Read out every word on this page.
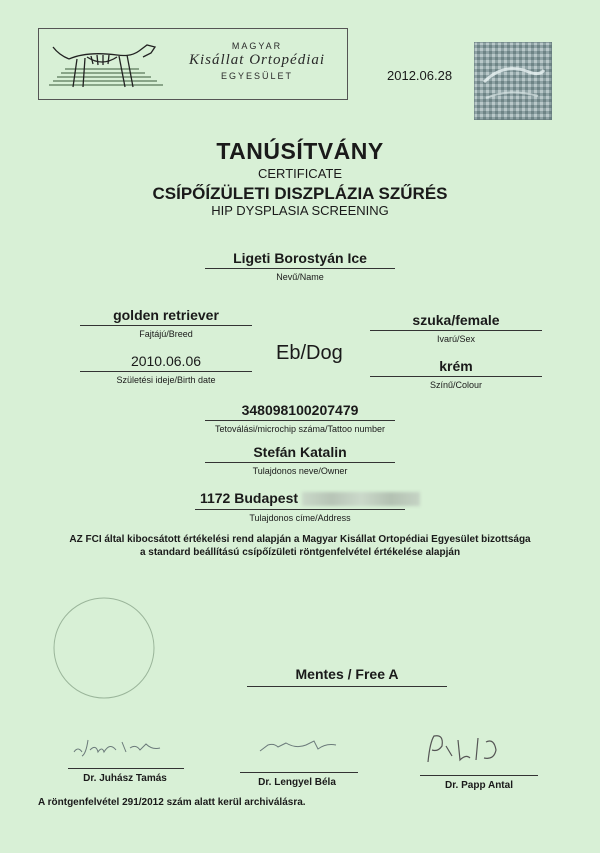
MAGYAR
Kisállat Ortopédiai
EGYESÜLET	2012.06.28
TANÚSÍTVÁNY
CERTIFICATE
CSÍPŐÍZÜLETI DISZPLÁZIA SZŰRÉS
HIP DYSPLASIA SCREENING
Ligeti Borostyán Ice
Nevű/Name
golden retriever
Fajtájú/Breed
szuka/female
Ivarú/Sex
Eb/Dog
2010.06.06
Születési ideje/Birth date
krém
Színű/Colour
348098100207479
Tetoválási/microchip száma/Tattoo number
Stefán Katalin
Tulajdonos neve/Owner
1172 Budapest
Tulajdonos címe/Address
AZ FCI által kibocsátott értékelési rend alapján a Magyar Kisállat Ortopédiai Egyesület bizottsága
a standard beállítású csípőízületi röntgenfelvétel értékelése alapján
Mentes / Free A
Dr. Juhász Tamás	Dr. Lengyel Béla	Dr. Papp Antal
A röntgenfelvétel 291/2012 szám alatt kerül archiválásra.
